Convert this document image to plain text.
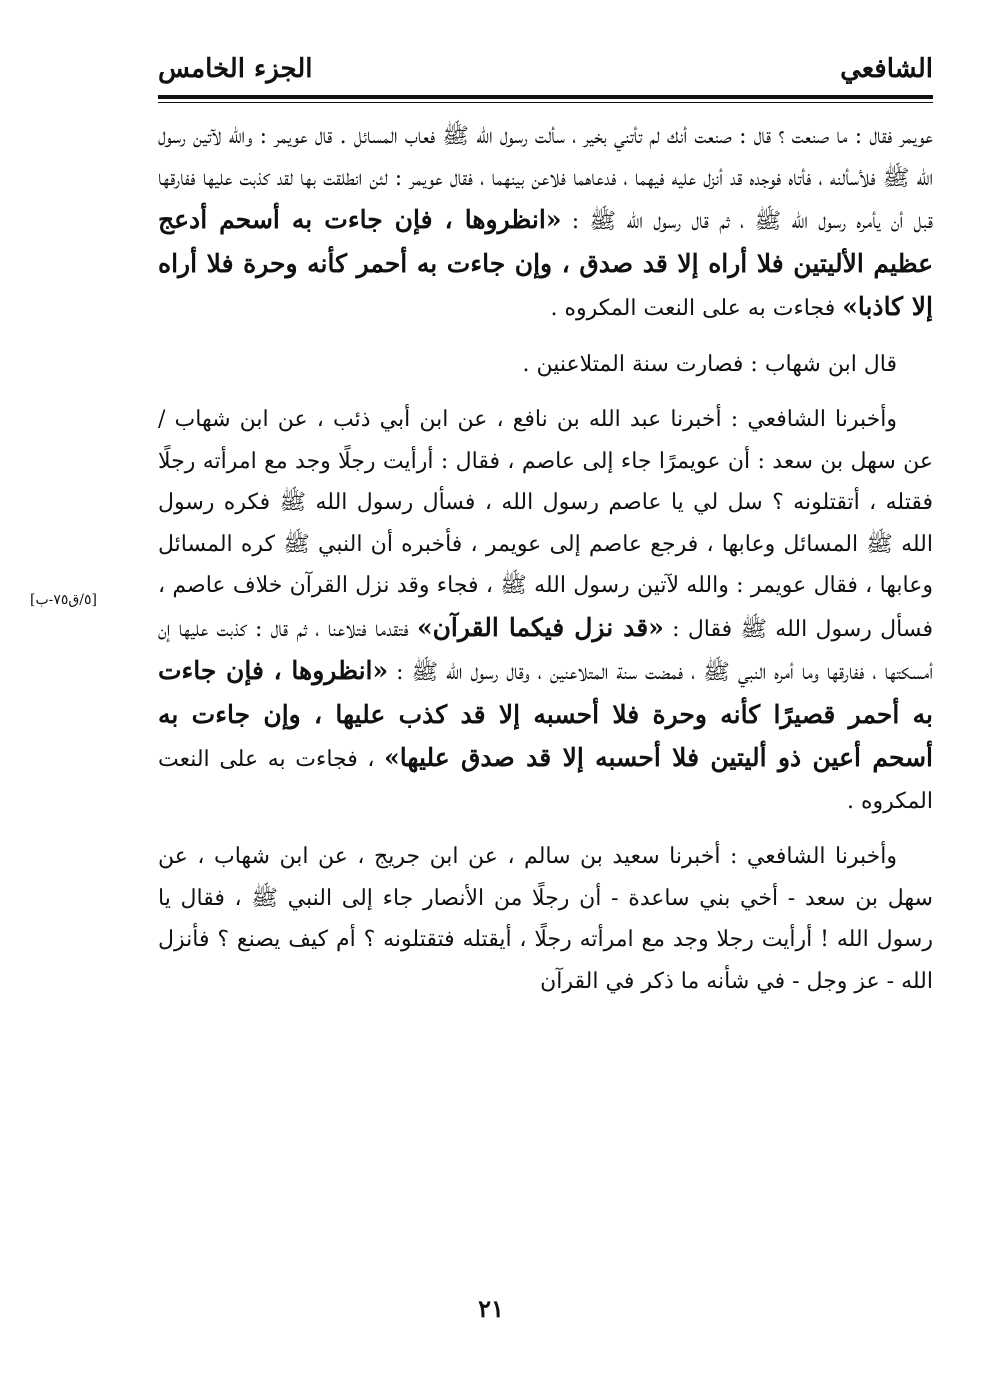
الشافعي
الجزء الخامس
[٥/ق٧٥-ب]

عويمر فقال : ما صنعت ؟ قال : صنعت أنك لم تأتني بخير ، سألت رسول الله ﷺ فعاب المسائل . قال عويمر : والله لآتين رسول الله ﷺ فلأسألنه ، فأتاه فوجده قد أنزل عليه فيهما ، فدعاهما فلاعن بينهما ، فقال عويمر : لئن انطلقت بها لقد كذبت عليها ففارقها قبل أن يأمره رسول الله ﷺ ، ثم قال رسول الله ﷺ : «انظروها ، فإن جاءت به أسحم أدعج عظيم الأليتين فلا أراه إلا قد صدق ، وإن جاءت به أحمر كأنه وحرة فلا أراه إلا كاذبا» فجاءت به على النعت المكروه .

قال ابن شهاب : فصارت سنة المتلاعنين .

وأخبرنا الشافعي : أخبرنا عبد الله بن نافع ، عن ابن أبي ذئب ، عن ابن شهاب / عن سهل بن سعد : أن عويمرًا جاء إلى عاصم ، فقال : أرأيت رجلًا وجد مع امرأته رجلًا فقتله ، أتقتلونه ؟ سل لي يا عاصم رسول الله ، فسأل رسول الله ﷺ فكره رسول الله ﷺ المسائل وعابها ، فرجع عاصم إلى عويمر ، فأخبره أن النبي ﷺ كره المسائل وعابها ، فقال عويمر : والله لآتين رسول الله ﷺ ، فجاء وقد نزل القرآن خلاف عاصم ، فسأل رسول الله ﷺ فقال : «قد نزل فيكما القرآن» فتقدما فتلاعنا ، ثم قال : كذبت عليها إن أمسكتها ، ففارقها وما أمره النبي ﷺ ، فمضت سنة المتلاعنين ، وقال رسول الله ﷺ : «انظروها ، فإن جاءت به أحمر قصيرًا كأنه وحرة فلا أحسبه إلا قد كذب عليها ، وإن جاءت به أسحم أعين ذو أليتين فلا أحسبه إلا قد صدق عليها» ، فجاءت به على النعت المكروه .

وأخبرنا الشافعي : أخبرنا سعيد بن سالم ، عن ابن جريج ، عن ابن شهاب ، عن سهل بن سعد - أخي بني ساعدة - أن رجلًا من الأنصار جاء إلى النبي ﷺ ، فقال يا رسول الله ! أرأيت رجلا وجد مع امرأته رجلًا ، أيقتله فتقتلونه ؟ أم كيف يصنع ؟ فأنزل الله - عز وجل - في شأنه ما ذكر في القرآن

٢١
